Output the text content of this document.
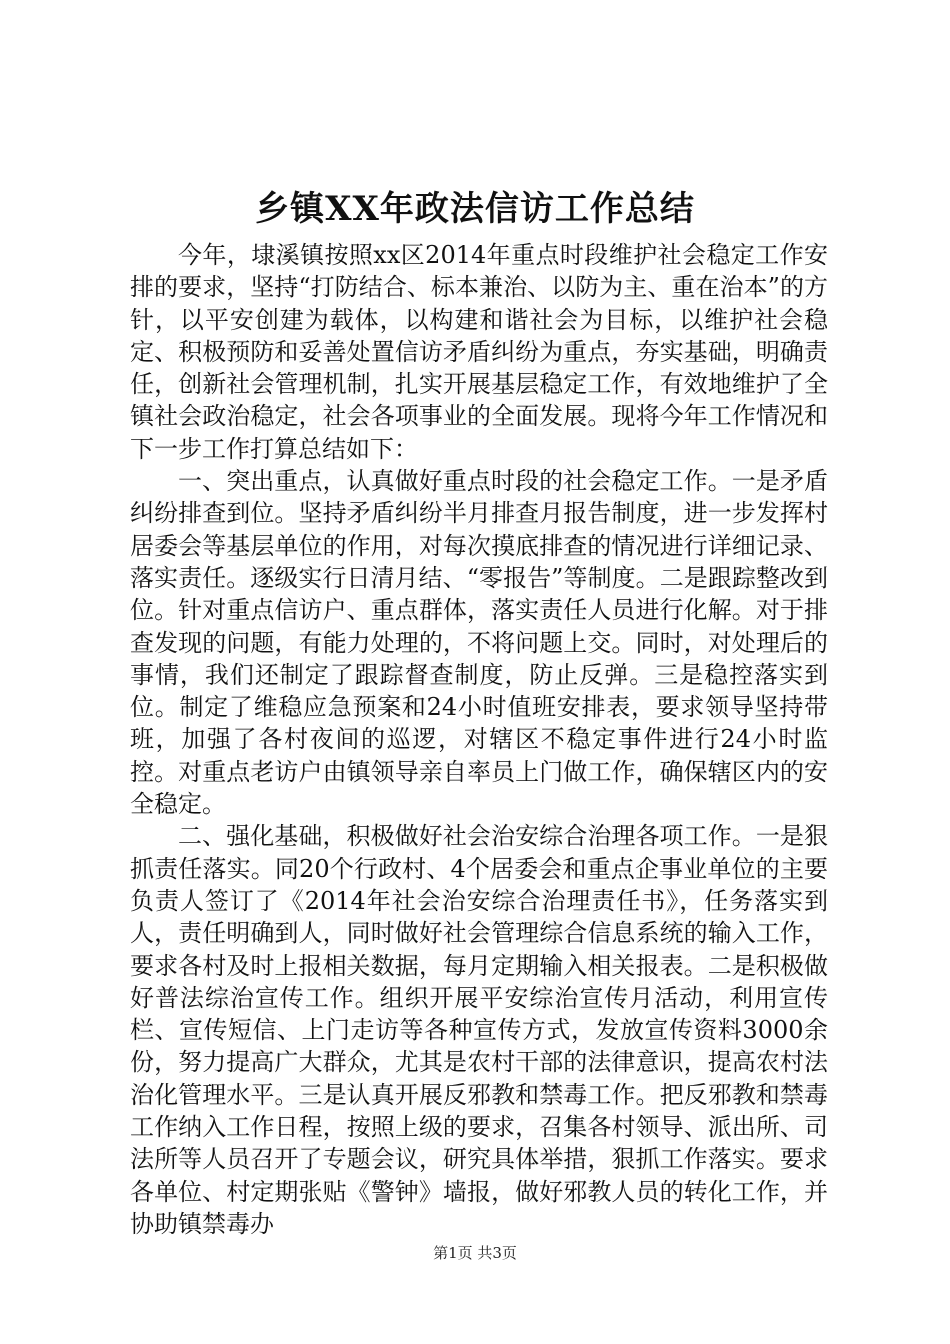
乡镇XX年政法信访工作总结

今年，埭溪镇按照xx区2014年重点时段维护社会稳定工作安排的要求，坚持“打防结合、标本兼治、以防为主、重在治本”的方针，以平安创建为载体，以构建和谐社会为目标，以维护社会稳定、积极预防和妥善处置信访矛盾纠纷为重点，夯实基础，明确责任，创新社会管理机制，扎实开展基层稳定工作，有效地维护了全镇社会政治稳定，社会各项事业的全面发展。现将今年工作情况和下一步工作打算总结如下：

一、突出重点，认真做好重点时段的社会稳定工作。一是矛盾纠纷排查到位。坚持矛盾纠纷半月排查月报告制度，进一步发挥村居委会等基层单位的作用，对每次摸底排查的情况进行详细记录、落实责任。逐级实行日清月结、“零报告”等制度。二是跟踪整改到位。针对重点信访户、重点群体，落实责任人员进行化解。对于排查发现的问题，有能力处理的，不将问题上交。同时，对处理后的事情，我们还制定了跟踪督查制度，防止反弹。三是稳控落实到位。制定了维稳应急预案和24小时值班安排表，要求领导坚持带班，加强了各村夜间的巡逻，对辖区不稳定事件进行24小时监控。对重点老访户由镇领导亲自率员上门做工作，确保辖区内的安全稳定。

二、强化基础，积极做好社会治安综合治理各项工作。一是狠抓责任落实。同20个行政村、4个居委会和重点企事业单位的主要负责人签订了《2014年社会治安综合治理责任书》，任务落实到人，责任明确到人，同时做好社会管理综合信息系统的输入工作，要求各村及时上报相关数据，每月定期输入相关报表。二是积极做好普法综治宣传工作。组织开展平安综治宣传月活动，利用宣传栏、宣传短信、上门走访等各种宣传方式，发放宣传资料3000余份，努力提高广大群众，尤其是农村干部的法律意识，提高农村法治化管理水平。三是认真开展反邪教和禁毒工作。把反邪教和禁毒工作纳入工作日程，按照上级的要求，召集各村领导、派出所、司法所等人员召开了专题会议，研究具体举措，狠抓工作落实。要求各单位、村定期张贴《警钟》墙报，做好邪教人员的转化工作，并协助镇禁毒办

第1页 共3页
